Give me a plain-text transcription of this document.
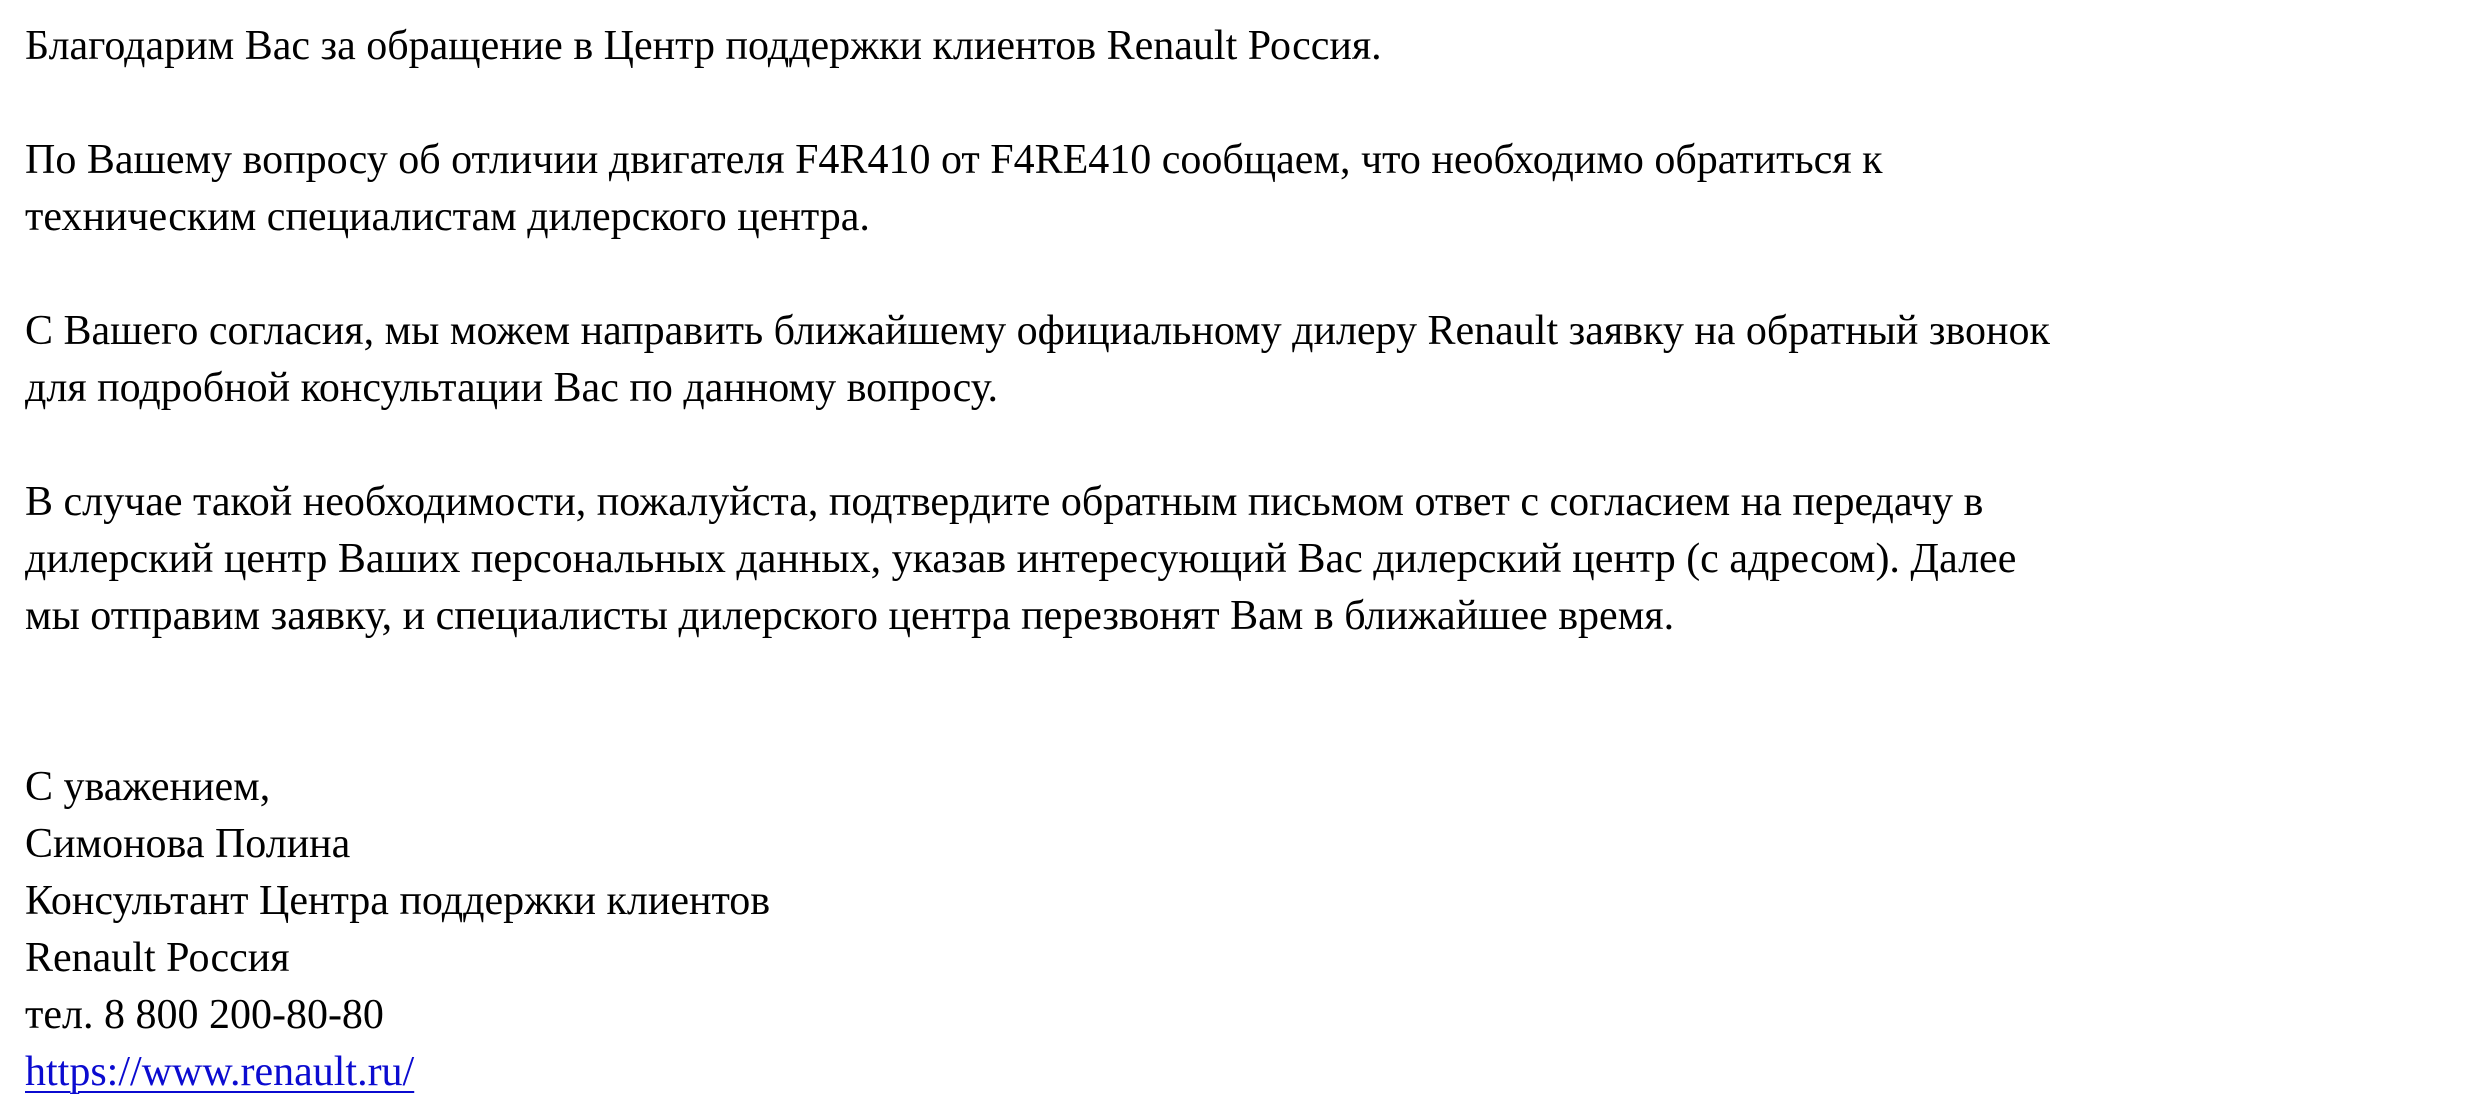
Благодарим Вас за обращение в Центр поддержки клиентов Renault Россия.

По Вашему вопросу об отличии двигателя F4R410 от F4RE410 сообщаем, что необходимо обратиться к

техническим специалистам дилерского центра.

С Вашего согласия, мы можем направить ближайшему официальному дилеру Renault заявку на обратный звонок

для подробной консультации Вас по данному вопросу.

В случае такой необходимости, пожалуйста, подтвердите обратным письмом ответ с согласием на передачу в

дилерский центр Ваших персональных данных, указав интересующий Вас дилерский центр (с адресом). Далее

мы отправим заявку, и специалисты дилерского центра перезвонят Вам в ближайшее время.

С уважением,

Симонова Полина

Консультант Центра поддержки клиентов

Renault Россия

тел. 8 800 200-80-80

https://www.renault.ru/
